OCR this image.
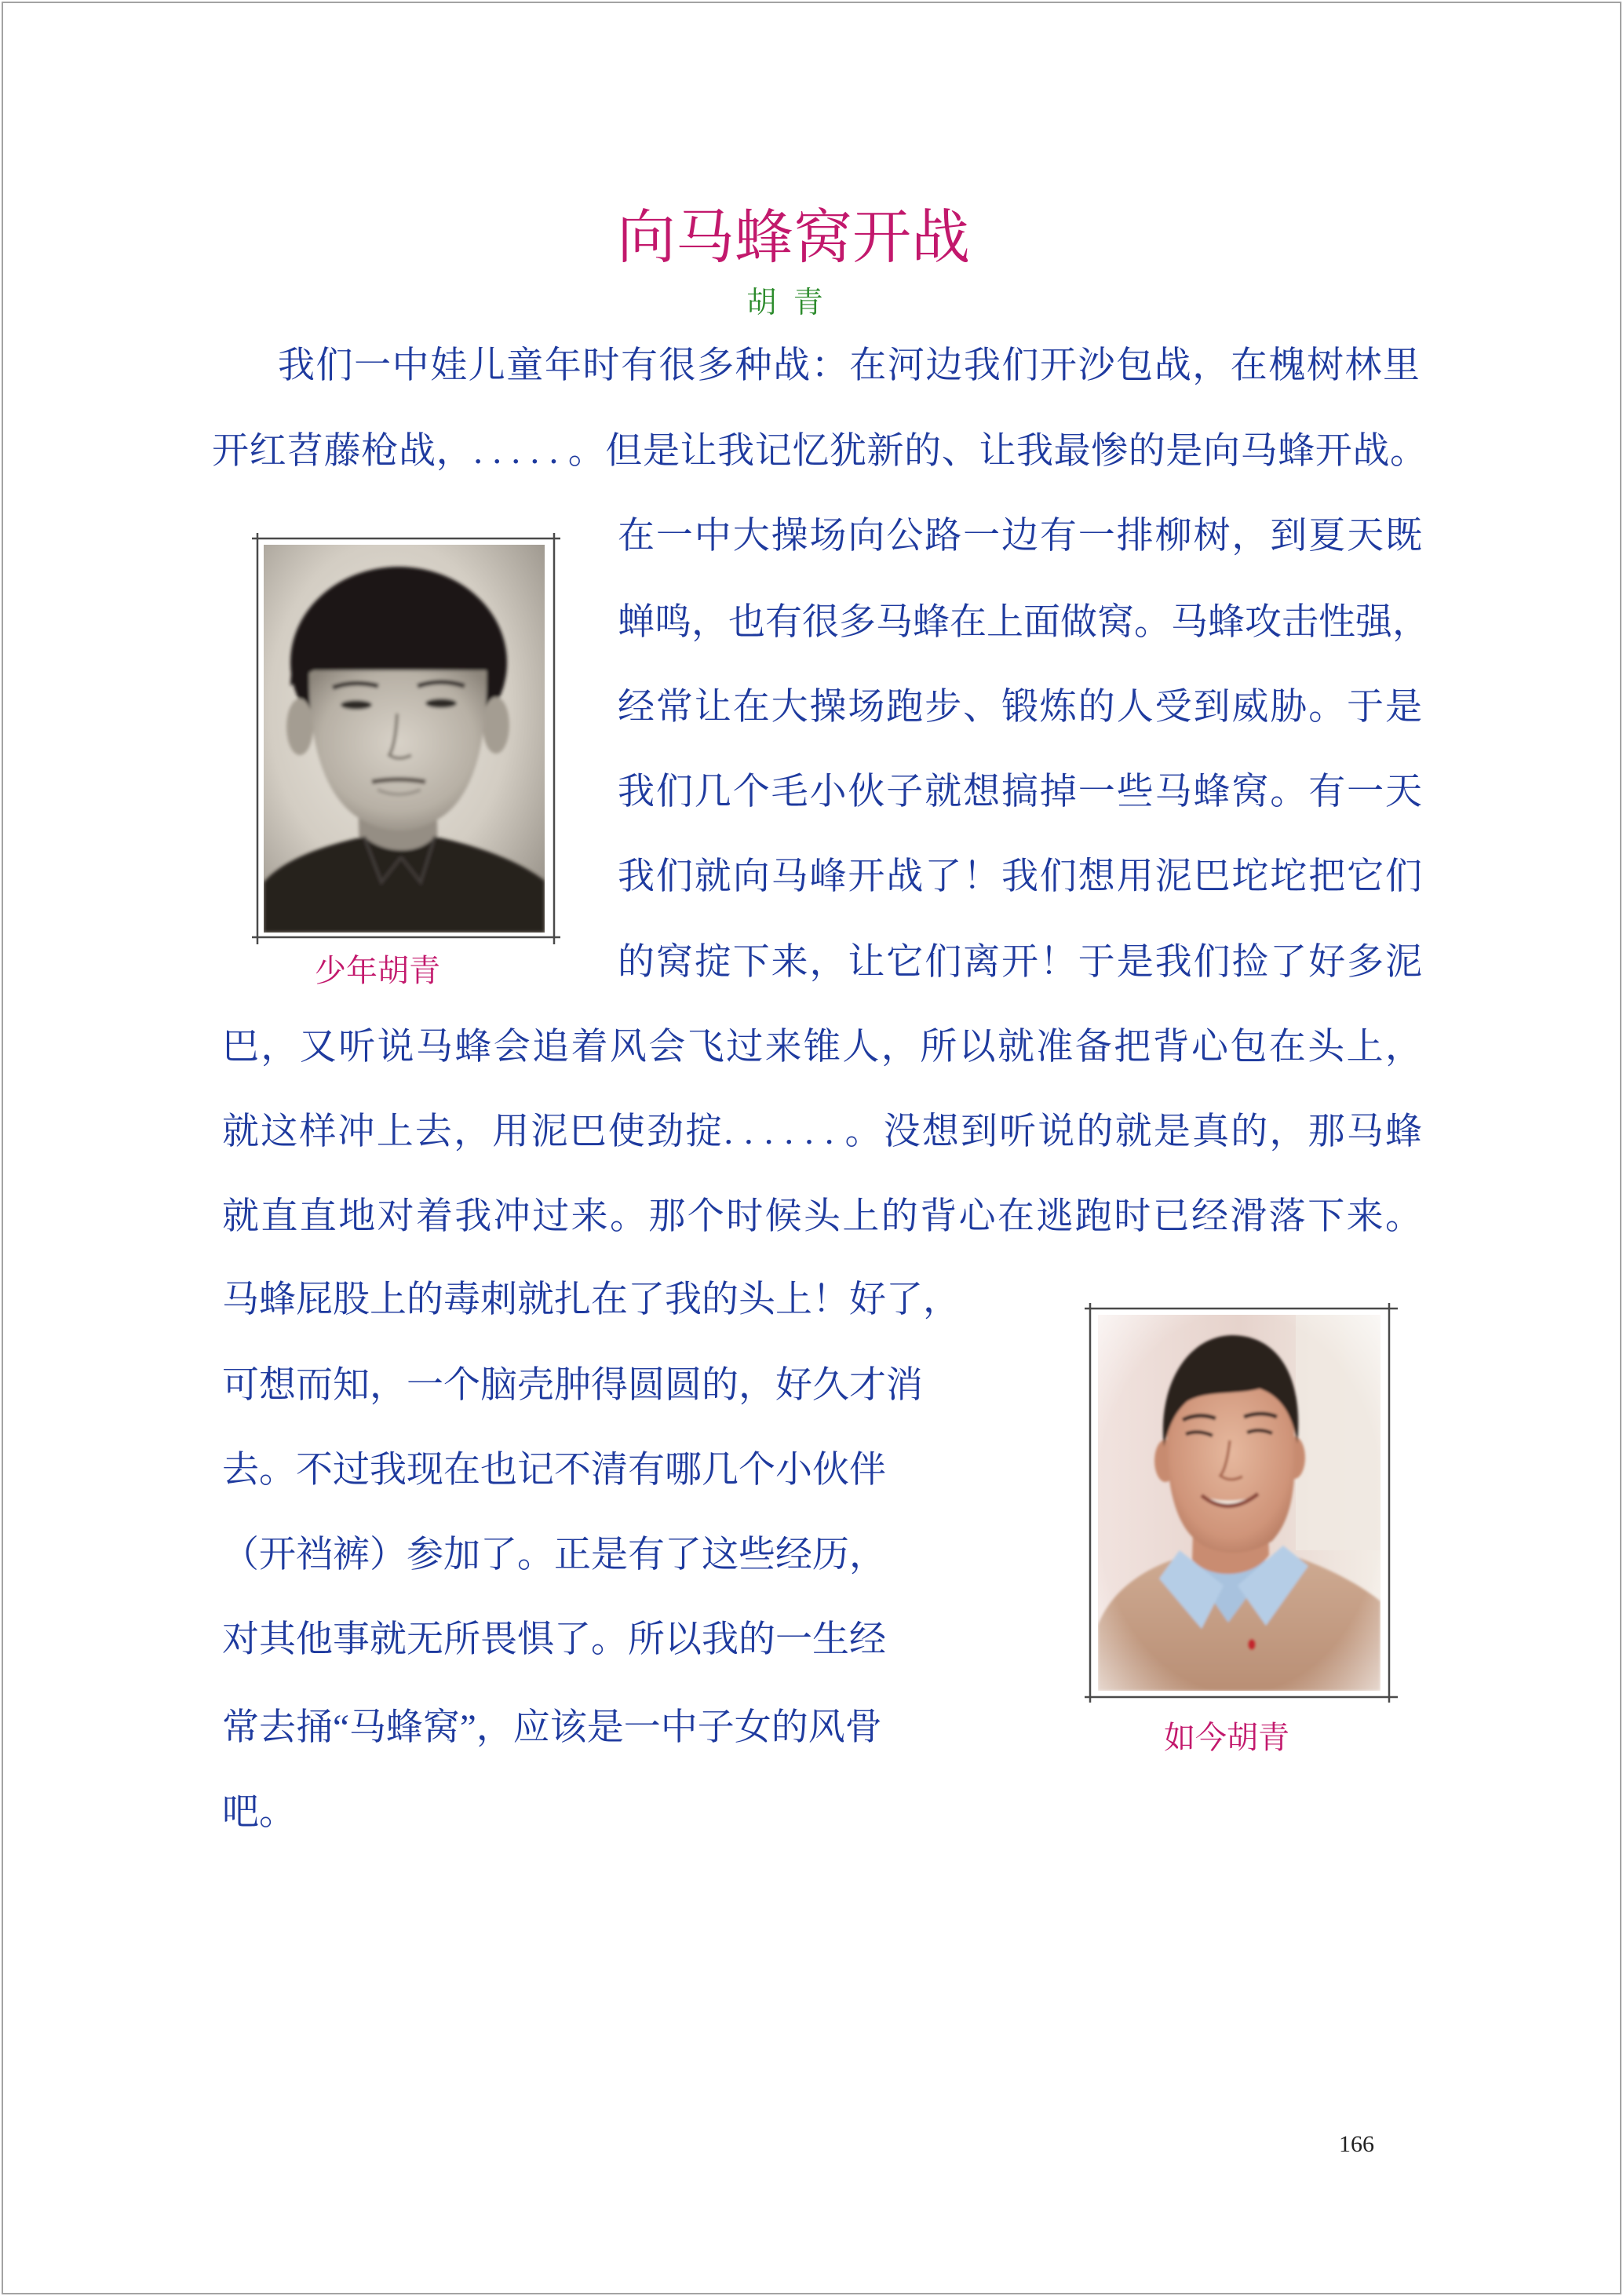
向马蜂窝开战
胡 青
我们一中娃儿童年时有很多种战：在河边我们开沙包战，在槐树林里
开红苕藤枪战，. . . . . 。但是让我记忆犹新的、让我最惨的是向马蜂开战。
在一中大操场向公路一边有一排柳树，到夏天既
蝉鸣，也有很多马蜂在上面做窝。马蜂攻击性强，
经常让在大操场跑步、锻炼的人受到威胁。于是
我们几个毛小伙子就想搞掉一些马蜂窝。有一天
我们就向马峰开战了！我们想用泥巴坨坨把它们
的窝掟下来，让它们离开！于是我们捡了好多泥
巴，又听说马蜂会追着风会飞过来锥人，所以就准备把背心包在头上，
就这样冲上去，用泥巴使劲掟. . . . . . 。没想到听说的就是真的，那马蜂
就直直地对着我冲过来。那个时候头上的背心在逃跑时已经滑落下来。
马蜂屁股上的毒刺就扎在了我的头上！好了，
可想而知，一个脑壳肿得圆圆的，好久才消
去。不过我现在也记不清有哪几个小伙伴
（开裆裤）参加了。正是有了这些经历，
对其他事就无所畏惧了。所以我的一生经
常去捅“马蜂窝”，应该是一中子女的风骨
吧。
少年胡青
如今胡青
166
